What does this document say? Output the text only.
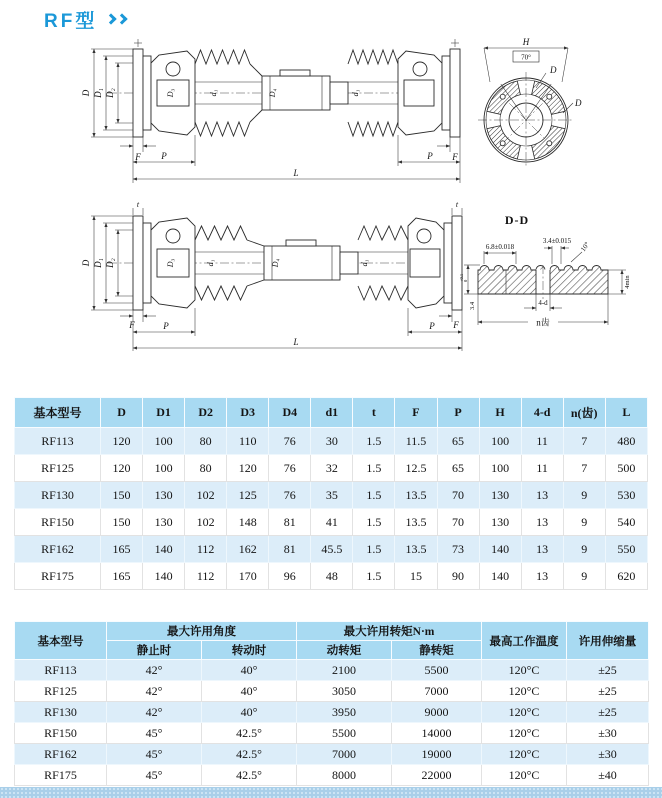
RF型
D D₁ D₂	D₃	d₁	D₄	d₁
F P	F
P
L
H
70°
D
D
D D₁ D₂
t
D₃	d₁	D₄	d₁
t
F	P	F
P
L
D-D
6.8±0.018
3.4±0.015 10°
4min
3.4
+0.1 0
4-d
n齿
基本型号	D	D1	D2	D3	D4	d1	t	F	P	H	4-d	n(齿)	L
RF113	120	100	80	110	76	30	1.5	11.5	65	100	11	7	480
RF125	120	100	80	120	76	32	1.5	12.5	65	100	11	7	500
RF130	150	130	102	125	76	35	1.5	13.5	70	130	13	9	530
RF150	150	130	102	148	81	41	1.5	13.5	70	130	13	9	540
RF162	165	140	112	162	81	45.5	1.5	13.5	73	140	13	9	550
RF175	165	140	112	170	96	48	1.5	15	90	140	13	9	620
基本型号	最大许用角度		最大许用转矩N·m		最高工作温度	许用伸缩量
	静止时	转动时	动转矩	静转矩		
RF113	42°	40°	2100	5500	120°C	±25
RF125	42°	40°	3050	7000	120°C	±25
RF130	42°	40°	3950	9000	120°C	±25
RF150	45°	42.5°	5500	14000	120°C	±30
RF162	45°	42.5°	7000	19000	120°C	±30
RF175	45°	42.5°	8000	22000	120°C	±40
